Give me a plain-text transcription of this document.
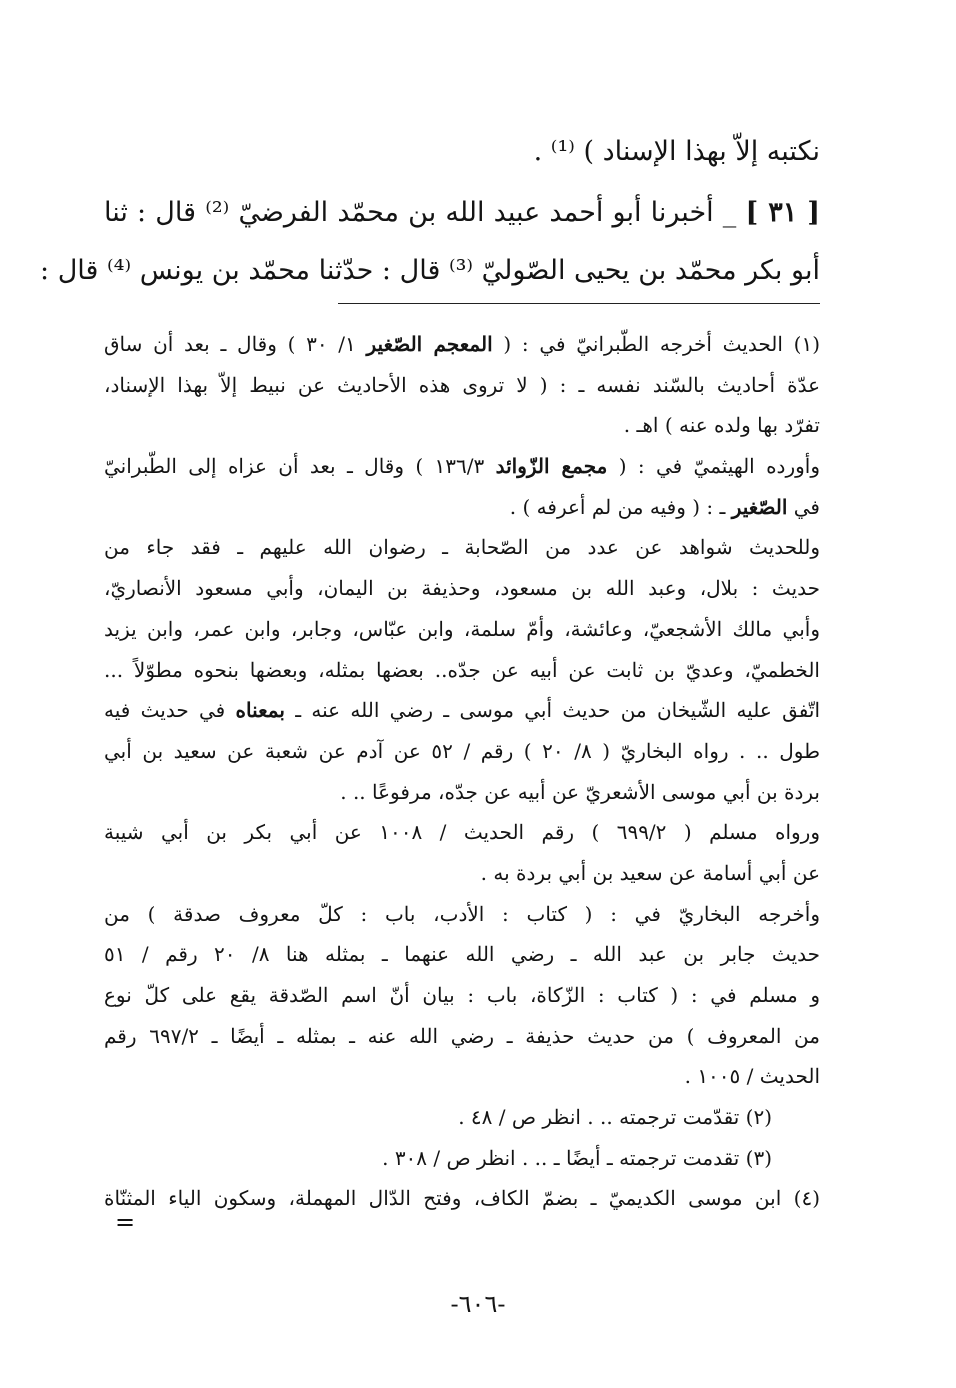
نكتبه إلاّ بهذا الإسناد ) ⁽¹⁾ .
[ ٣١ ] _ أخبرنا أبو أحمد عبيد الله بن محمّد الفرضيّ ⁽²⁾ قال : ثنا
أبو بكر محمّد بن يحيى الصّوليّ ⁽³⁾ قال : حدّثنا محمّد بن يونس ⁽⁴⁾ قال :
(١) الحديث أخرجه الطّبرانيّ في : ( المعجم الصّغير ١/ ٣٠ ) وقال ـ بعد أن ساق
عدّة أحاديث بالسّند نفسه ـ : ( لا تروى هذه الأحاديث عن نبيط إلاّ بهذا الإسناد،
تفرّد بها ولده عنه ) اهـ .
وأورده الهيثميّ في : ( مجمع الزّوائد ١٣٦/٣ ) وقال ـ بعد أن عزاه إلى الطّبرانيّ
في الصّغير ـ : ( وفيه من لم أعرفه ) .
وللحديث شواهد عن عدد من الصّحابة ـ رضوان الله عليهم ـ فقد جاء من
حديث : بلال، وعبد الله بن مسعود، وحذيفة بن اليمان، وأبي مسعود الأنصاريّ،
وأبي مالك الأشجعيّ، وعائشة، وأمّ سلمة، وابن عبّاس، وجابر، وابن عمر، وابن يزيد
الخطميّ، وعديّ بن ثابت عن أبيه عن جدّه.. بعضها بمثله، وبعضها بنحوه مطوّلاً ...
اتّفق عليه الشّيخان من حديث أبي موسى ـ رضي الله عنه ـ بمعناه في حديث فيه
طول .. . رواه البخاريّ ( ٨/ ٢٠ ) رقم / ٥٢ عن آدم عن شعبة عن سعيد بن أبي
بردة بن أبي موسى الأشعريّ عن أبيه عن جدّه، مرفوعًا .. .
ورواه مسلم ( ٦٩٩/٢ ) رقم الحديث / ١٠٠٨ عن أبي بكر بن أبي شيبة
عن أبي أسامة عن سعيد بن أبي بردة به .
وأخرجه البخاريّ في : ( كتاب : الأدب، باب : كلّ معروف صدقة ) من
حديث جابر بن عبد الله ـ رضي الله عنهما ـ بمثله هنا ٨/ ٢٠ رقم / ٥١
و مسلم في : ( كتاب : الزّكاة، باب : بيان أنّ اسم الصّدقة يقع على كلّ نوع
من المعروف ) من حديث حذيفة ـ رضي الله عنه ـ بمثله ـ أيضًا ـ ٦٩٧/٢ رقم
الحديث / ١٠٠٥ .
(٢) تقدّمت ترجمته .. . انظر ص / ٤٨ .
(٣) تقدمت ترجمته ـ أيضًا ـ .. . انظر ص / ٣٠٨ .
(٤) ابن موسى الكديميّ ـ بضمّ الكاف، وفتح الدّال المهملة، وسكون الياء المثنّاة
=
-٦٠٦-
